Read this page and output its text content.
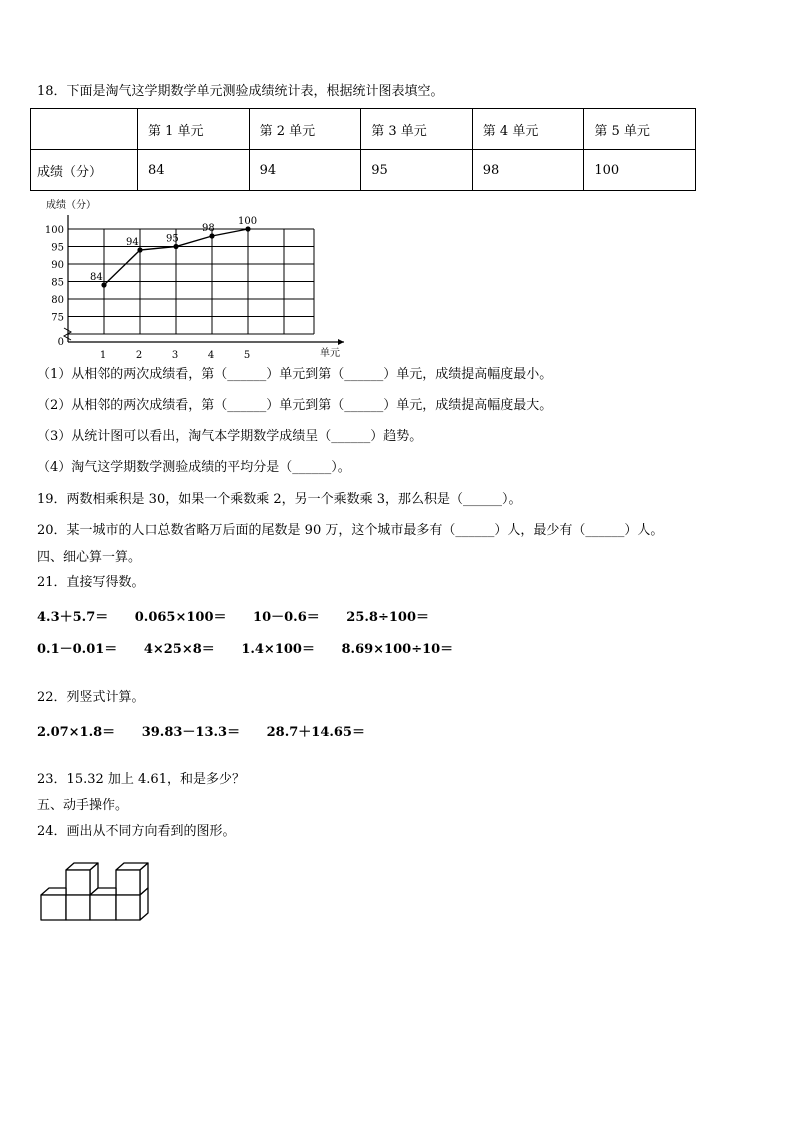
18．下面是淘气这学期数学单元测验成绩统计表，根据统计图表填空。
	第 1 单元	第 2 单元	第 3 单元	第 4 单元	第 5 单元
成绩（分）	84	94	95	98	100
100
95
90
85
80
75
0
1	2	3	4	5
成绩（分）
单元
84
94	95
98
100
（1）从相邻的两次成绩看，第（______）单元到第（______）单元，成绩提高幅度最小。
（2）从相邻的两次成绩看，第（______）单元到第（______）单元，成绩提高幅度最大。
（3）从统计图可以看出，淘气本学期数学成绩呈（______）趋势。
（4）淘气这学期数学测验成绩的平均分是（______）。
19．两数相乘积是 30，如果一个乘数乘 2，另一个乘数乘 3，那么积是（______）。
20．某一城市的人口总数省略万后面的尾数是 90 万，这个城市最多有（______）人，最少有（______）人。
四、细心算一算。
21．直接写得数。
4.3＋5.7＝ 0.065×100＝ 10－0.6＝ 25.8÷100＝
0.1－0.01＝ 4×25×8＝ 1.4×100＝ 8.69×100÷10＝
22．列竖式计算。
2.07×1.8＝ 39.83－13.3＝ 28.7＋14.65＝
23．15.32 加上 4.61，和是多少？
五、动手操作。
24．画出从不同方向看到的图形。
